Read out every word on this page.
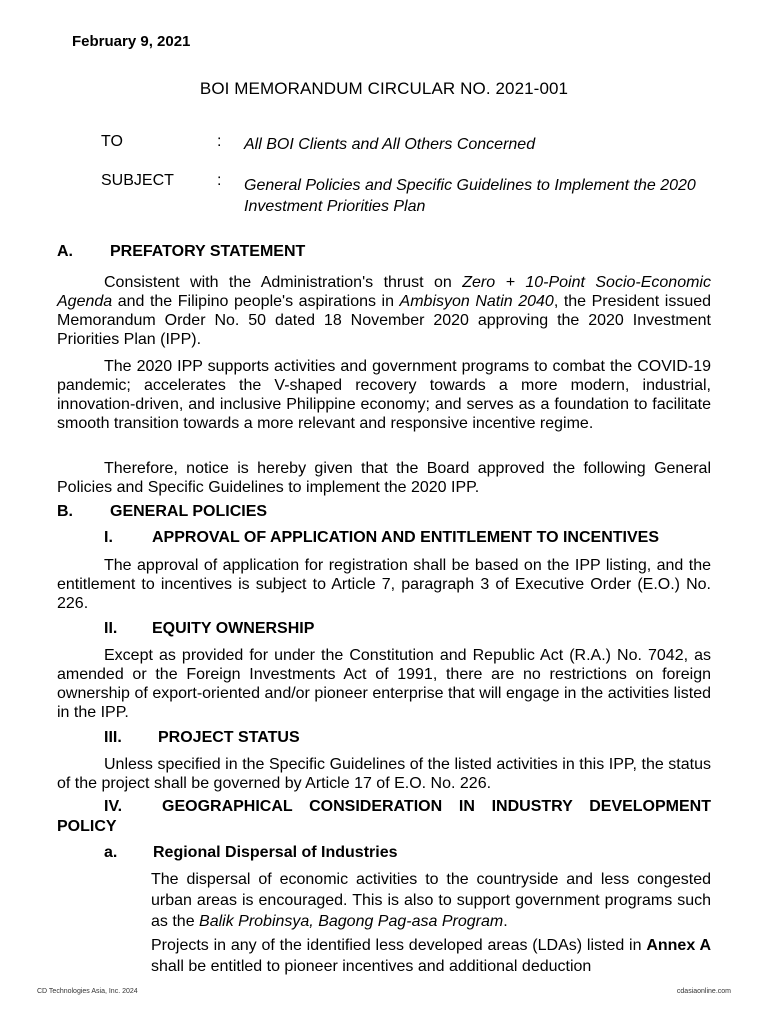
February 9, 2021
BOI MEMORANDUM CIRCULAR NO. 2021-001
TO	: All BOI Clients and All Others Concerned
SUBJECT	: General Policies and Specific Guidelines to Implement the 2020
Investment Priorities Plan
A. PREFATORY STATEMENT
Consistent with the Administration's thrust on Zero + 10-Point Socio-Economic Agenda and the Filipino people's aspirations in Ambisyon Natin 2040, the President issued Memorandum Order No. 50 dated 18 November 2020 approving the 2020 Investment Priorities Plan (IPP).
The 2020 IPP supports activities and government programs to combat the COVID-19 pandemic; accelerates the V-shaped recovery towards a more modern, industrial, innovation-driven, and inclusive Philippine economy; and serves as a foundation to facilitate smooth transition towards a more relevant and responsive incentive regime.
Therefore, notice is hereby given that the Board approved the following General Policies and Specific Guidelines to implement the 2020 IPP.
B. GENERAL POLICIES
I. APPROVAL OF APPLICATION AND ENTITLEMENT TO INCENTIVES
The approval of application for registration shall be based on the IPP listing, and the entitlement to incentives is subject to Article 7, paragraph 3 of Executive Order (E.O.) No. 226.
II. EQUITY OWNERSHIP
Except as provided for under the Constitution and Republic Act (R.A.) No. 7042, as amended or the Foreign Investments Act of 1991, there are no restrictions on foreign ownership of export-oriented and/or pioneer enterprise that will engage in the activities listed in the IPP.
III. PROJECT STATUS
Unless specified in the Specific Guidelines of the listed activities in this IPP, the status of the project shall be governed by Article 17 of E.O. No. 226.
IV. GEOGRAPHICAL CONSIDERATION IN INDUSTRY DEVELOPMENT
POLICY
a. Regional Dispersal of Industries
The dispersal of economic activities to the countryside and less congested urban areas is encouraged. This is also to support government programs such as the Balik Probinsya, Bagong Pag-asa Program.
Projects in any of the identified less developed areas (LDAs) listed in Annex A shall be entitled to pioneer incentives and additional deduction
CD Technologies Asia, Inc. 2024	cdasiaonline.com
